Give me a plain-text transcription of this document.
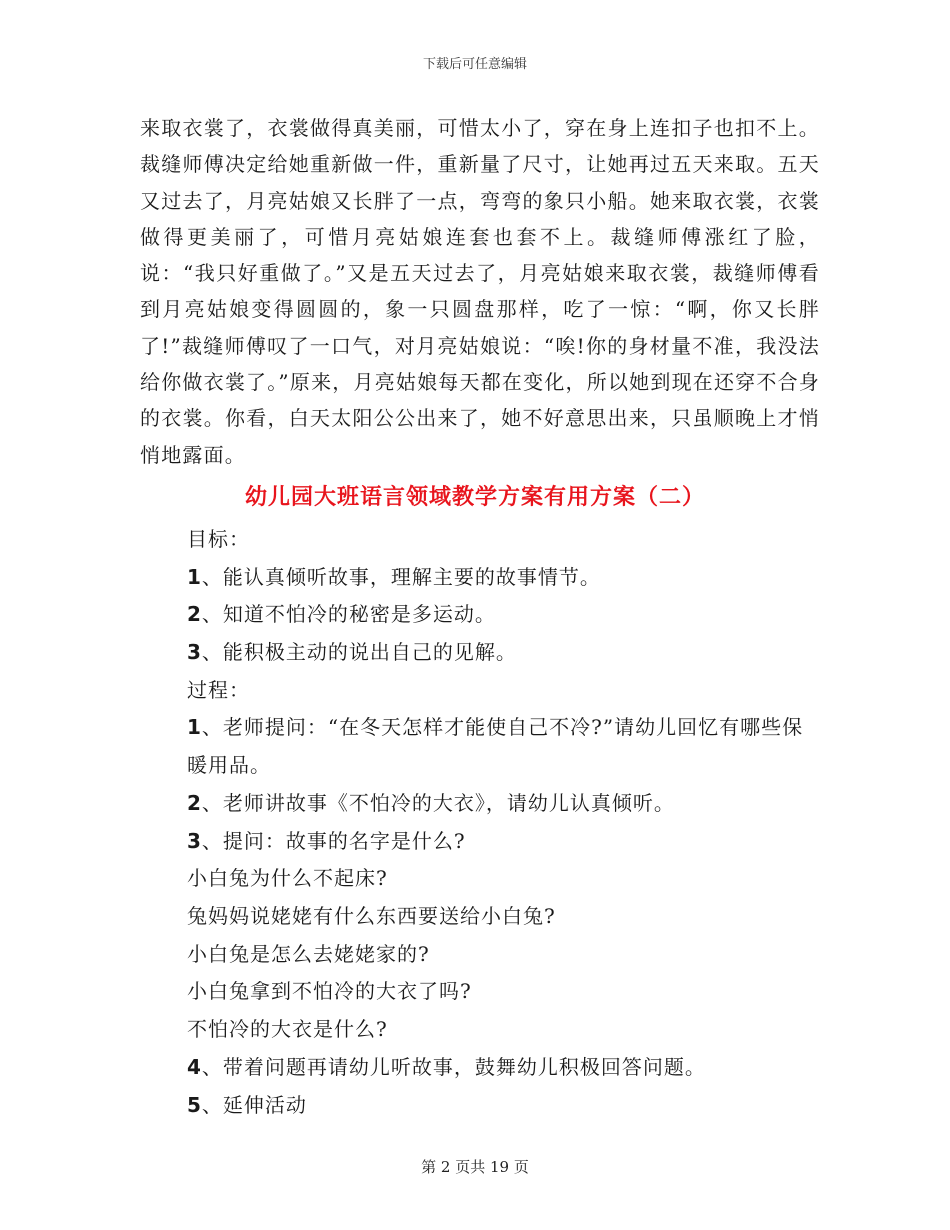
下载后可任意编辑

来取衣裳了，衣裳做得真美丽，可惜太小了，穿在身上连扣子也扣不上。裁缝师傅决定给她重新做一件，重新量了尺寸，让她再过五天来取。五天又过去了，月亮姑娘又长胖了一点，弯弯的象只小船。她来取衣裳，衣裳做得更美丽了，可惜月亮姑娘连套也套不上。裁缝师傅涨红了脸，说：“我只好重做了。”又是五天过去了，月亮姑娘来取衣裳，裁缝师傅看到月亮姑娘变得圆圆的，象一只圆盘那样，吃了一惊：“啊，你又长胖了!”裁缝师傅叹了一口气，对月亮姑娘说：“唉!你的身材量不准，我没法给你做衣裳了。”原来，月亮姑娘每天都在变化，所以她到现在还穿不合身的衣裳。你看，白天太阳公公出来了，她不好意思出来，只虽顺晚上才悄悄地露面。

幼儿园大班语言领域教学方案有用方案（二）
目标：
1、能认真倾听故事，理解主要的故事情节。
2、知道不怕冷的秘密是多运动。
3、能积极主动的说出自己的见解。
过程：
1、老师提问：“在冬天怎样才能使自己不冷?”请幼儿回忆有哪些保暖用品。
2、老师讲故事《不怕冷的大衣》，请幼儿认真倾听。
3、提问：故事的名字是什么?
小白兔为什么不起床?
兔妈妈说姥姥有什么东西要送给小白兔?
小白兔是怎么去姥姥家的?
小白兔拿到不怕冷的大衣了吗?
不怕冷的大衣是什么?
4、带着问题再请幼儿听故事，鼓舞幼儿积极回答问题。
5、延伸活动
第 2 页共 19 页
